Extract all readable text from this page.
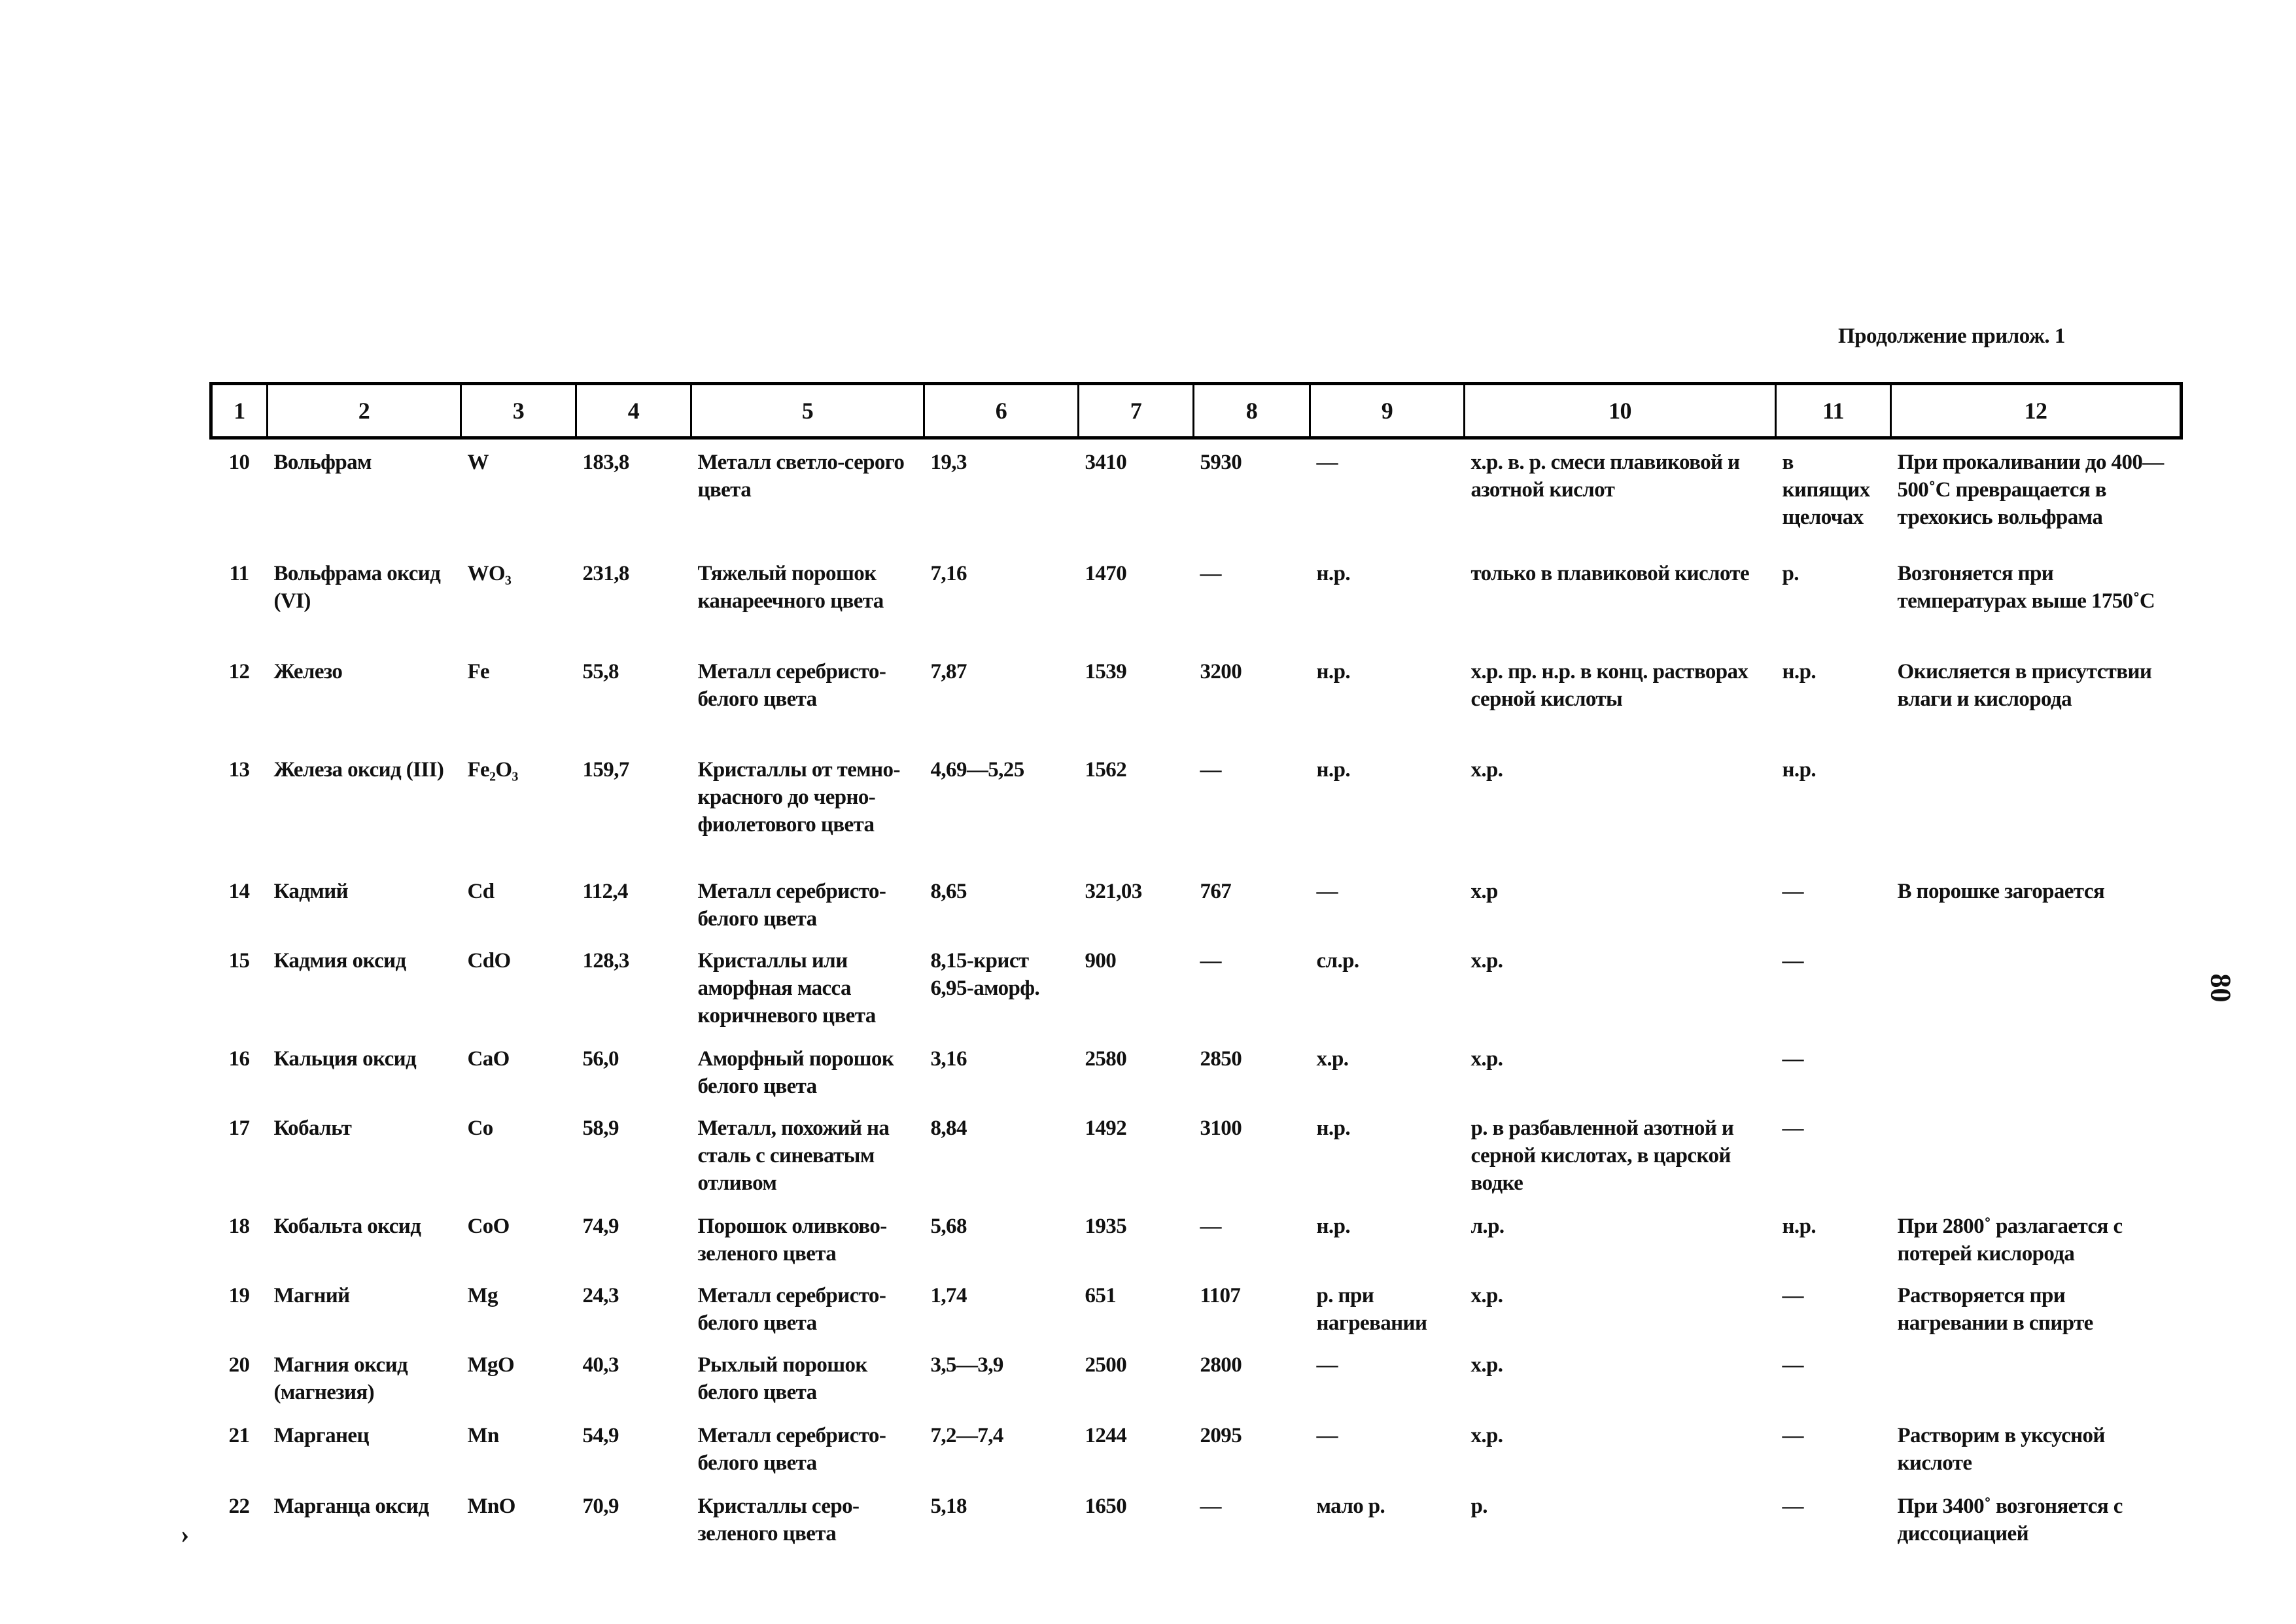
Продолжение прилож. 1
80
›
1	2	3	4	5	6	7	8	9	10	11	12
10	Вольфрам	W	183,8	Металл светло-серого цвета	19,3	3410	5930	—	х.р. в. р. смеси плавиковой и азотной кислот	в кипящих щелочах	При прокаливании до 400—500˚С превращается в трехокись вольфрама
11	Вольфрама оксид (VI)	WO₃	231,8	Тяжелый порошок канареечного цвета	7,16	1470	—	н.р.	только в плавиковой кислоте	р.	Возгоняется при температурах выше 1750˚С
12	Железо	Fe	55,8	Металл серебристо-белого цвета	7,87	1539	3200	н.р.	х.р. пр. н.р. в конц. растворах серной кислоты	н.р.	Окисляется в присутствии влаги и кислорода
13	Железа оксид (III)	Fe₂O₃	159,7	Кристаллы от темно-красного до черно-фиолетового цвета	4,69—5,25	1562	—	н.р.	х.р.	н.р.	
14	Кадмий	Cd	112,4	Металл серебристо-белого цвета	8,65	321,03	767	—	х.р	—	В порошке загорается
15	Кадмия оксид	CdO	128,3	Кристаллы или аморфная масса коричневого цвета	8,15-крист 6,95-аморф.	900	—	сл.р.	х.р.	—	
16	Кальция оксид	CaO	56,0	Аморфный порошок белого цвета	3,16	2580	2850	х.р.	х.р.	—	
17	Кобальт	Co	58,9	Металл, похожий на сталь с синеватым отливом	8,84	1492	3100	н.р.	р. в разбавленной азотной и серной кислотах, в царской водке	—	
18	Кобальта оксид	CoO	74,9	Порошок оливково-зеленого цвета	5,68	1935	—	н.р.	л.р.	н.р.	При 2800˚ разлагается с потерей кислорода
19	Магний	Mg	24,3	Металл серебристо-белого цвета	1,74	651	1107	р. при нагревании	х.р.	—	Растворяется при нагревании в спирте
20	Магния оксид (магнезия)	MgO	40,3	Рыхлый порошок белого цвета	3,5—3,9	2500	2800	—	х.р.	—	
21	Марганец	Mn	54,9	Металл серебристо-белого цвета	7,2—7,4	1244	2095	—	х.р.	—	Растворим в уксусной кислоте
22	Марганца оксид	MnO	70,9	Кристаллы серо-зеленого цвета	5,18	1650	—	мало р.	р.	—	При 3400˚ возгоняется с диссоциацией
